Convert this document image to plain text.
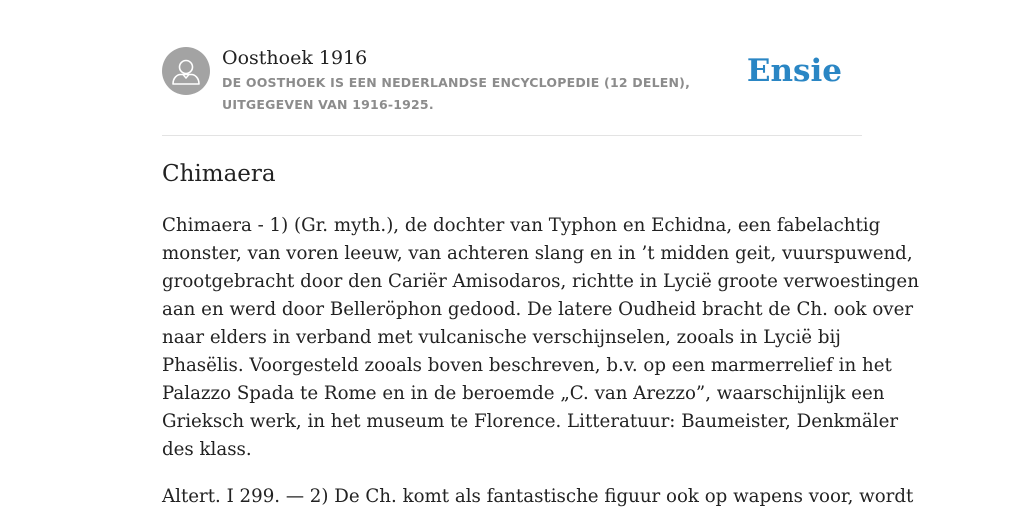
Oosthoek 1916
DE OOSTHOEK IS EEN NEDERLANDSE ENCYCLOPEDIE (12 DELEN), UITGEGEVEN VAN 1916-1925.
Ensie
Chimaera

Chimaera - 1) (Gr. myth.), de dochter van Typhon en Echidna, een fabelachtig
monster, van voren leeuw, van achteren slang en in ’t midden geit, vuurspuwend,
grootgebracht door den Cariër Amisodaros, richtte in Lycië groote verwoestingen
aan en werd door Belleröphon gedood. De latere Oudheid bracht de Ch. ook over
naar elders in verband met vulcanische verschijnselen, zooals in Lycië bij
Phasëlis. Voorgesteld zooals boven beschreven, b.v. op een marmerrelief in het
Palazzo Spada te Rome en in de beroemde „C. van Arezzo”, waarschijnlijk een
Grieksch werk, in het museum te Florence. Litteratuur: Baumeister, Denkmäler
des klass.

Altert. I 299. — 2) De Ch. komt als fantastische figuur ook op wapens voor, wordt
